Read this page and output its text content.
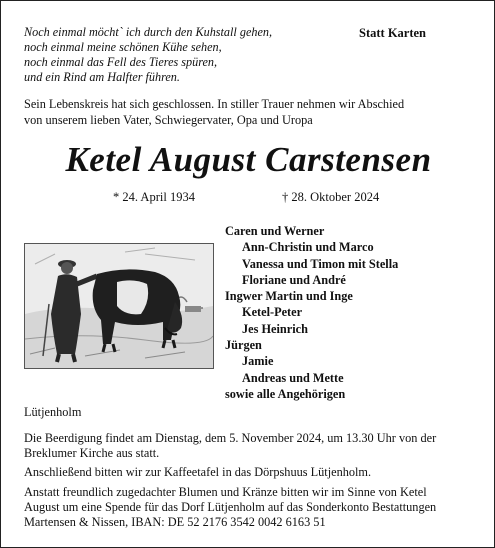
Noch einmal möcht` ich durch den Kuhstall gehen,
noch einmal meine schönen Kühe sehen,
noch einmal das Fell des Tieres spüren,
und ein Rind am Halfter führen.
Statt Karten
Sein Lebenskreis hat sich geschlossen. In stiller Trauer nehmen wir Abschied
von unserem lieben Vater, Schwiegervater, Opa und Uropa
Ketel August Carstensen
* 24. April 1934	† 28. Oktober 2024
Caren und Werner
Ann-Christin und Marco
Vanessa und Timon mit Stella
Floriane und André
Ingwer Martin und Inge
Ketel-Peter
Jes Heinrich
Jürgen
Jamie
Andreas und Mette
sowie alle Angehörigen
Lütjenholm
Die Beerdigung findet am Dienstag, dem 5. November 2024, um 13.30 Uhr von der
Breklumer Kirche aus statt.
Anschließend bitten wir zur Kaffeetafel in das Dörpshuus Lütjenholm.
Anstatt freundlich zugedachter Blumen und Kränze bitten wir im Sinne von Ketel
August um eine Spende für das Dorf Lütjenholm auf das Sonderkonto Bestattungen
Martensen & Nissen, IBAN: DE 52 2176 3542 0042 6163 51
